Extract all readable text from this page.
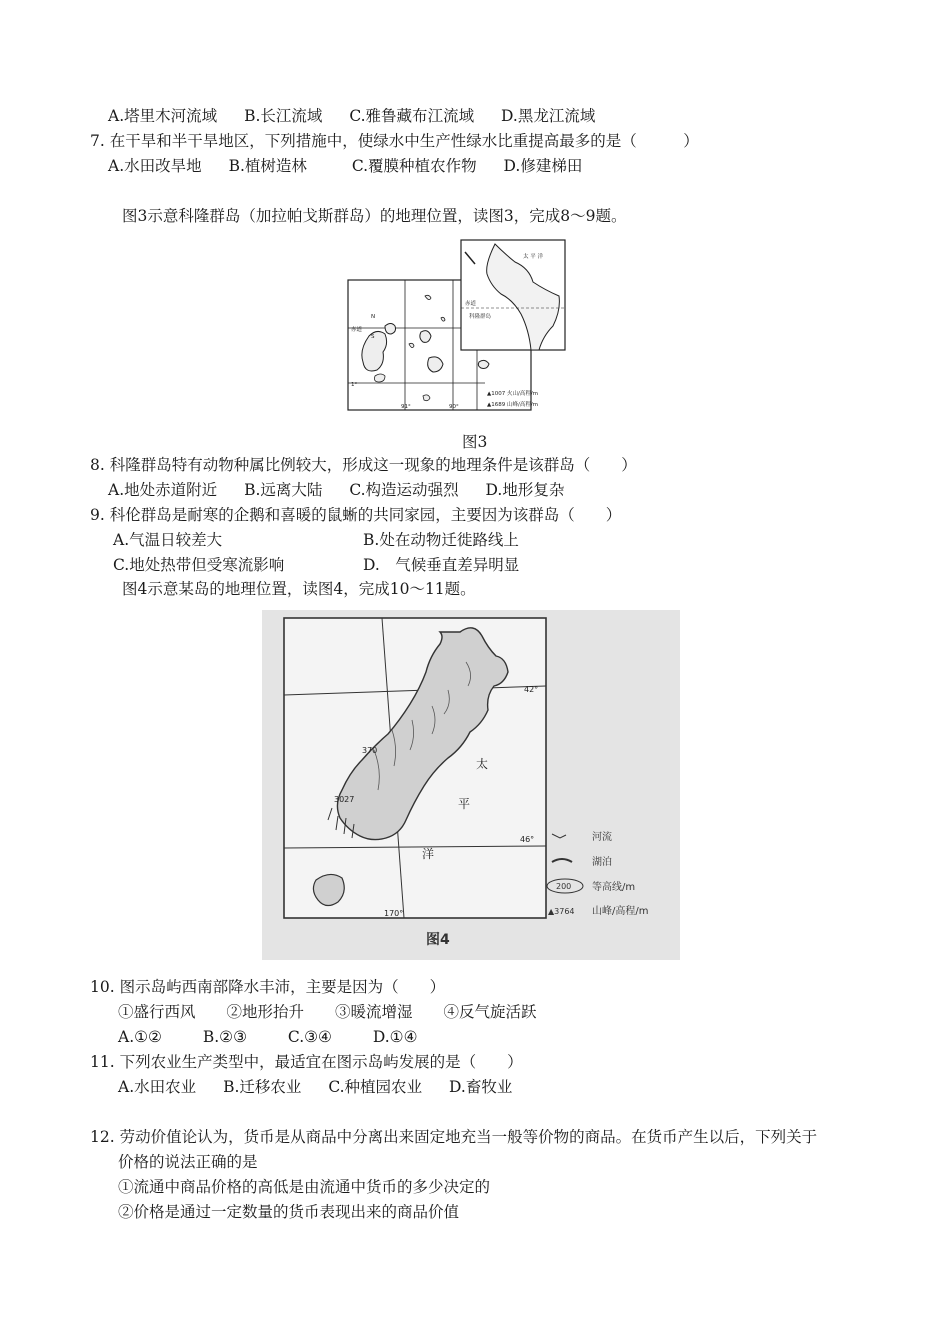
A.塔里木河流域 B.长江流域 C.雅鲁藏布江流域 D.黑龙江流域
7. 在干旱和半干旱地区，下列措施中，使绿水中生产性绿水比重提高最多的是（　　　）
A.水田改旱地 B.植树造林	C.覆膜种植农作物 D.修建梯田
图3示意科隆群岛（加拉帕戈斯群岛）的地理位置，读图3，完成8～9题。
赤道
N
S
1°
91°	90°
▲1007 火山/高程/m
▲1689 山峰/高程/m
太 平 洋
赤道
科隆群岛
图3
8. 科隆群岛特有动物种属比例较大，形成这一现象的地理条件是该群岛（　　）
A.地处赤道附近 B.远离大陆 C.构造运动强烈 D.地形复杂
9. 科伦群岛是耐寒的企鹅和喜暖的鼠蜥的共同家园，主要因为该群岛（　　）
A.气温日较差大	B.处在动物迁徙路线上
C.地处热带但受寒流影响	D.　气候垂直差异明显
图4示意某岛的地理位置，读图4，完成10～11题。
42°
46°
170°
370
3027
太
平
洋
河流
湖泊
200 等高线/m
▲3764 山峰/高程/m
图4
10. 图示岛屿西南部降水丰沛，主要是因为（　　）
①盛行西风　　②地形抬升　　③暖流增湿　　④反气旋活跃
A.①②	B.②③	C.③④	D.①④
11. 下列农业生产类型中，最适宜在图示岛屿发展的是（　　）
A.水田农业 B.迁移农业 C.种植园农业 D.畜牧业
12. 劳动价值论认为，货币是从商品中分离出来固定地充当一般等价物的商品。在货币产生以后，下列关于
价格的说法正确的是
①流通中商品价格的高低是由流通中货币的多少决定的
②价格是通过一定数量的货币表现出来的商品价值
